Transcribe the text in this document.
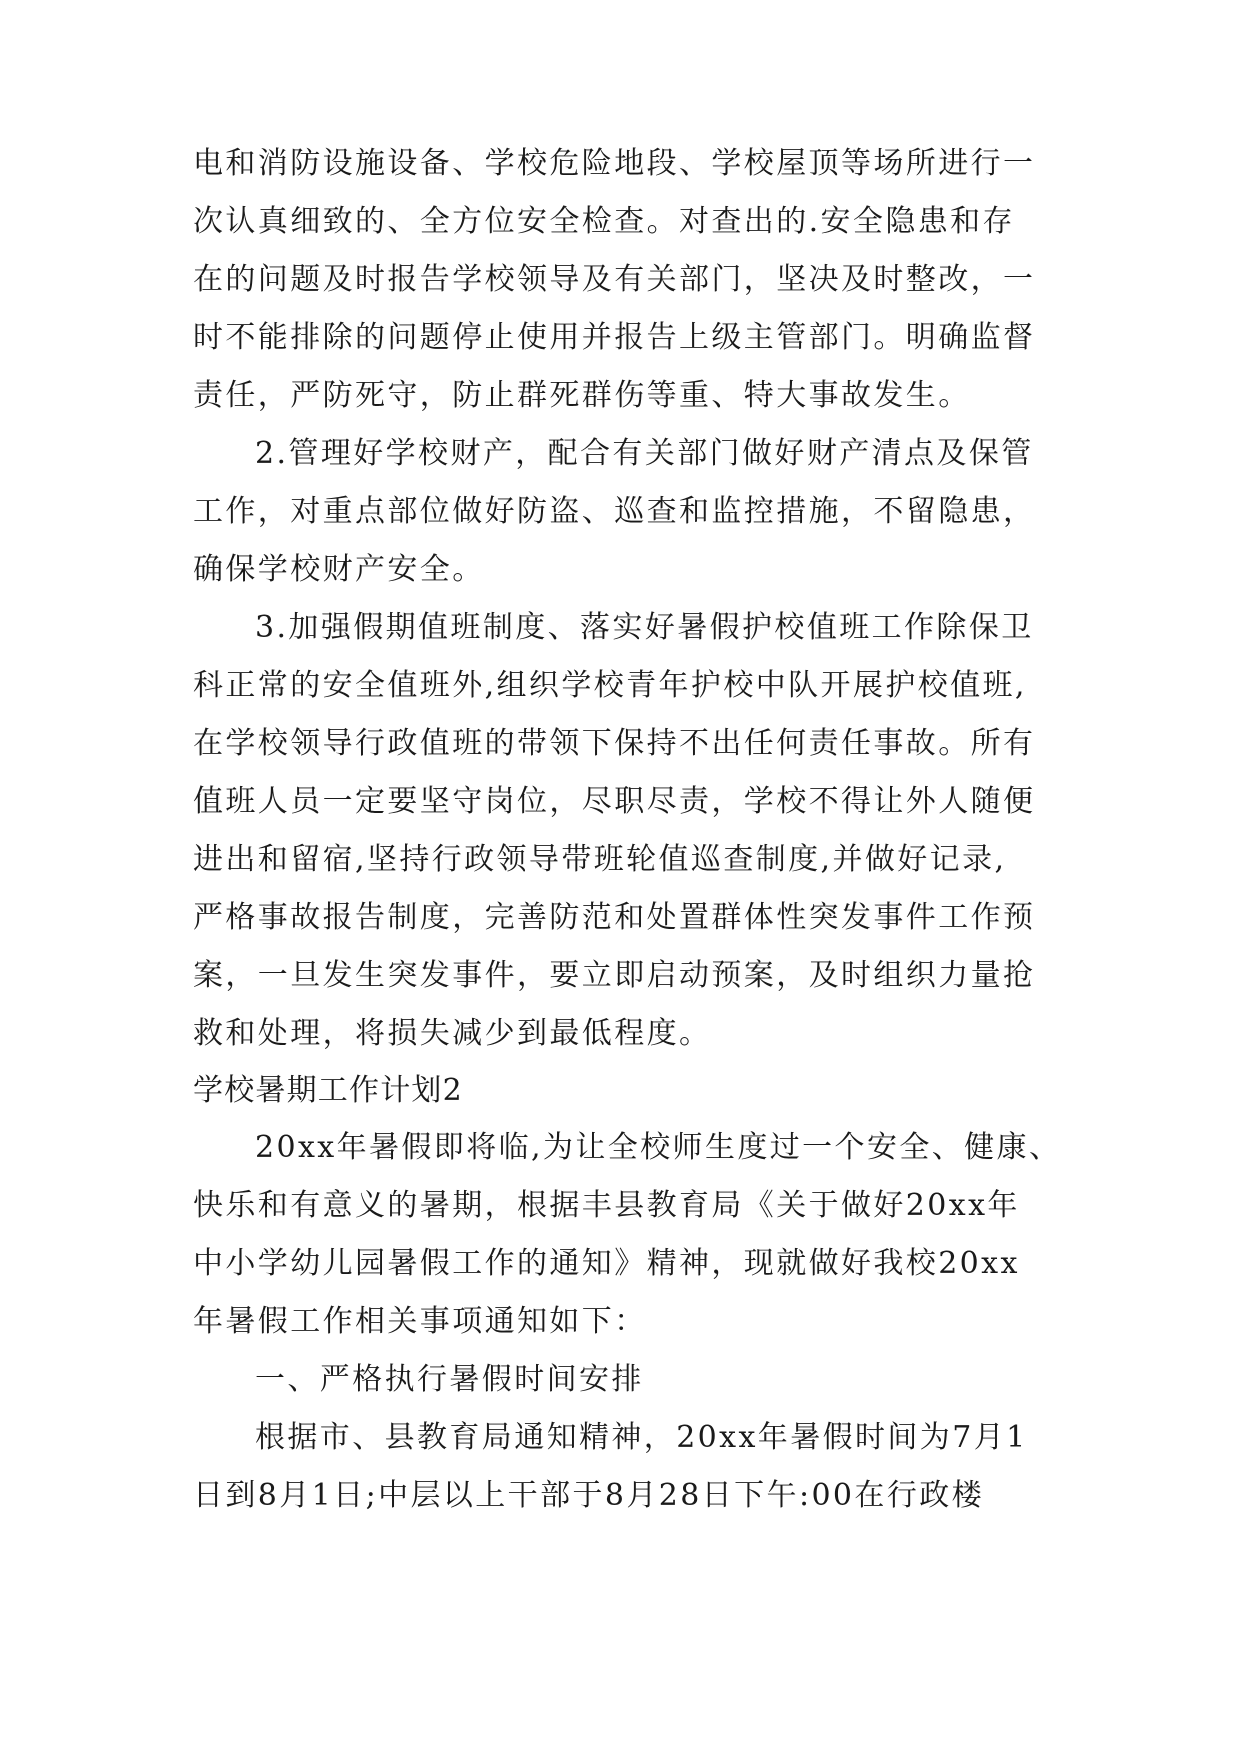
电和消防设施设备、学校危险地段、学校屋顶等场所进行一
次认真细致的、全方位安全检查。对查出的.安全隐患和存
在的问题及时报告学校领导及有关部门，坚决及时整改，一
时不能排除的问题停止使用并报告上级主管部门。明确监督
责任，严防死守，防止群死群伤等重、特大事故发生。
2.管理好学校财产，配合有关部门做好财产清点及保管
工作，对重点部位做好防盗、巡查和监控措施，不留隐患，
确保学校财产安全。
3.加强假期值班制度、落实好暑假护校值班工作除保卫
科正常的安全值班外,组织学校青年护校中队开展护校值班,
在学校领导行政值班的带领下保持不出任何责任事故。所有
值班人员一定要坚守岗位，尽职尽责，学校不得让外人随便
进出和留宿,坚持行政领导带班轮值巡查制度,并做好记录,
严格事故报告制度，完善防范和处置群体性突发事件工作预
案，一旦发生突发事件，要立即启动预案，及时组织力量抢
救和处理，将损失减少到最低程度。
学校暑期工作计划2
20xx年暑假即将临,为让全校师生度过一个安全、健康、
快乐和有意义的暑期，根据丰县教育局《关于做好20xx年
中小学幼儿园暑假工作的通知》精神，现就做好我校20xx
年暑假工作相关事项通知如下：
一、严格执行暑假时间安排
根据市、县教育局通知精神，20xx年暑假时间为7月1
日到8月1日;中层以上干部于8月28日下午:00在行政楼
